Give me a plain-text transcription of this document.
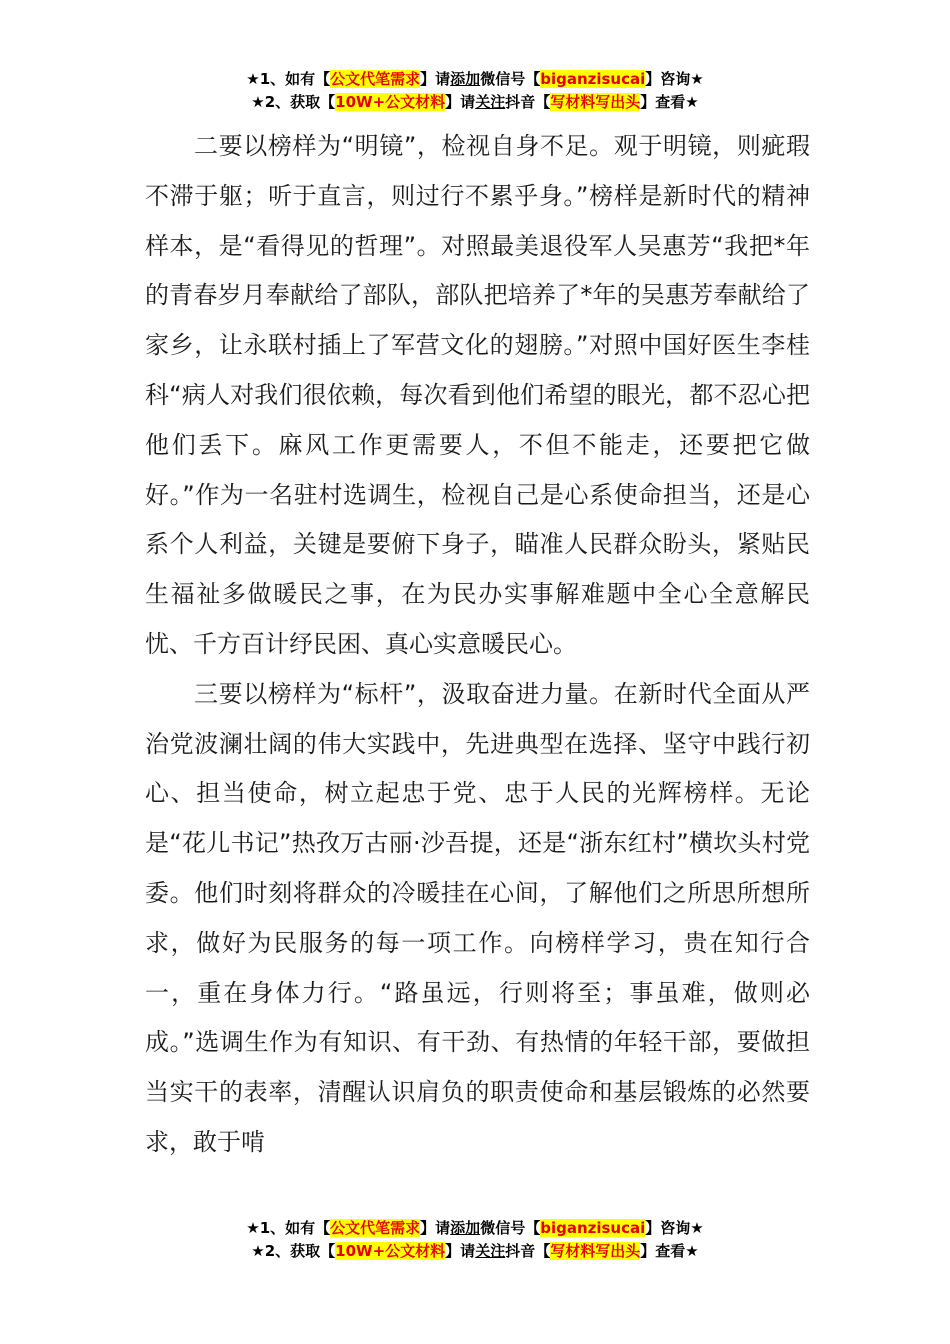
★1、如有【公文代笔需求】请添加微信号【biganzisucai】咨询★
★2、获取【10W+公文材料】请关注抖音【写材料写出头】查看★

二要以榜样为“明镜”，检视自身不足。观于明镜，则疵瑕不滞于躯；听于直言，则过行不累乎身。”榜样是新时代的精神样本，是“看得见的哲理”。对照最美退役军人吴惠芳“我把*年的青春岁月奉献给了部队，部队把培养了*年的吴惠芳奉献给了家乡，让永联村插上了军营文化的翅膀。”对照中国好医生李桂科“病人对我们很依赖，每次看到他们希望的眼光，都不忍心把他们丢下。麻风工作更需要人，不但不能走，还要把它做好。”作为一名驻村选调生，检视自己是心系使命担当，还是心系个人利益，关键是要俯下身子，瞄准人民群众盼头，紧贴民生福祉多做暖民之事，在为民办实事解难题中全心全意解民忧、千方百计纾民困、真心实意暖民心。

三要以榜样为“标杆”，汲取奋进力量。在新时代全面从严治党波澜壮阔的伟大实践中，先进典型在选择、坚守中践行初心、担当使命，树立起忠于党、忠于人民的光辉榜样。无论是“花儿书记”热孜万古丽·沙吾提，还是“浙东红村”横坎头村党委。他们时刻将群众的冷暖挂在心间，了解他们之所思所想所求，做好为民服务的每一项工作。向榜样学习，贵在知行合一，重在身体力行。“路虽远，行则将至；事虽难，做则必成。”选调生作为有知识、有干劲、有热情的年轻干部，要做担当实干的表率，清醒认识肩负的职责使命和基层锻炼的必然要求，敢于啃

★1、如有【公文代笔需求】请添加微信号【biganzisucai】咨询★
★2、获取【10W+公文材料】请关注抖音【写材料写出头】查看★
